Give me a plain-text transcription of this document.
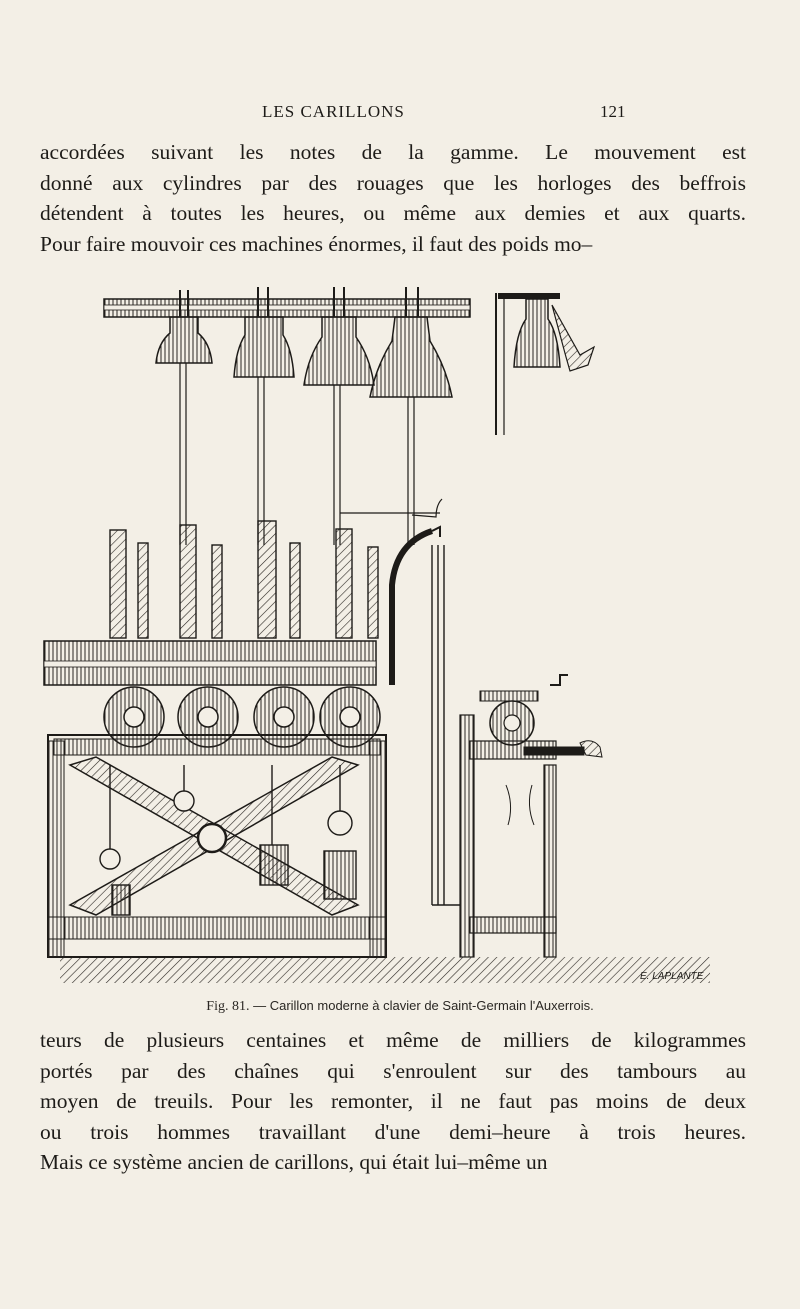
LES CARILLONS	121

accordées suivant les notes de la gamme. Le mouvement est
donné aux cylindres par des rouages que les horloges des beffrois
détendent à toutes les heures, ou même aux demies et aux quarts.
Pour faire mouvoir ces machines énormes, il faut des poids mo–

E. LAPLANTE
Fig. 81. — Carillon moderne à clavier de Saint-Germain l'Auxerrois.

teurs de plusieurs centaines et même de milliers de kilogrammes
portés par des chaînes qui s'enroulent sur des tambours au
moyen de treuils. Pour les remonter, il ne faut pas moins de deux
ou trois hommes travaillant d'une demi–heure à trois heures.
Mais ce système ancien de carillons, qui était lui–même un
